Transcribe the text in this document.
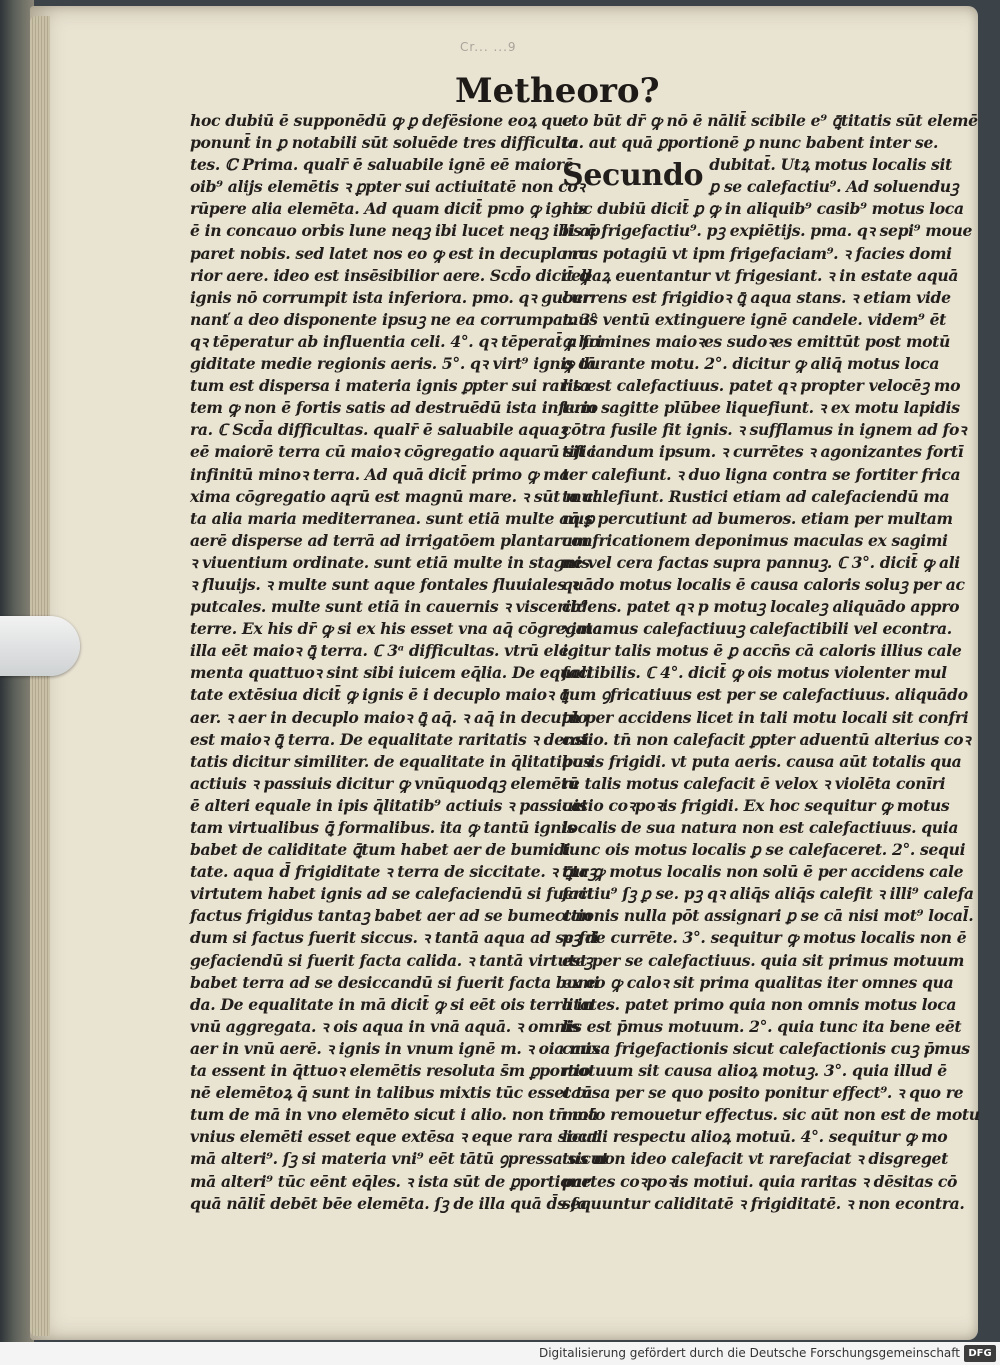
Cr... ...9
Metheoro?
hoc dubiū ē supponēdū ꝙ ꝑ defēsione eoꝝ que
ponunt̄ in ꝑ notabili sūt soluēde tres difficulta
tes. ℂ Prima. qualr̄ ē saluabile ignē eē maiorē
oib⁹ alijs elemētis ꝛ ꝑpter sui actiuitatē non coꝛ
rūpere alia elemēta. Ad quam dicit̄ pmo ꝙ ignis
ē in concauo orbis lune neqꝫ ibi lucet neqꝫ ibi ap
paret nobis. sed latet nos eo ꝙ est in decuplo ra
rior aere. ideo est insēsibilior aere. Scd̄o dicit̄ ꝙ
ignis nō corrumpit ista inferiora. pmo. qꝛ guber
nanť a deo disponente ipsuꝫ ne ea corrumpat. 3°
qꝛ tēperatur ab influentia celi. 4°. qꝛ tēperat̄ a fri
giditate medie regionis aeris. 5°. qꝛ virt⁹ ignis tā
tum est dispersa i materia ignis ꝑpter sui rarita
tem ꝙ non ē fortis satis ad destruēdū ista inferio
ra. ℂ Scd̄a difficultas. qualr̄ ē saluabile aquaꝫ
eē maiorē terra cū maioꝛ cōgregatio aquarū sit i
infinitū minoꝛ terra. Ad quā dicit̄ primo ꝙ ma
xima cōgregatio aqrū est magnū mare. ꝛ sūt mul
ta alia maria mediterranea. sunt etiā multe aq̄ ꝑ
aerē disperse ad terrā ad irrigatōem plantarum
ꝛ viuentium ordinate. sunt etiā multe in stagnis
ꝛ fluuijs. ꝛ multe sunt aque fontales fluuiales ꝛ
putcales. multe sunt etiā in cauernis ꝛ viscerib⁹
terre. Ex his dr̄ ꝙ si ex his esset vna aq̄ cōgregata
illa eēt maioꝛ ꝗ̄ terra. ℂ 3ᵃ difficultas. vtrū ele
menta quattuoꝛ sint sibi iuicem eq̄lia. De equali
tate extēsiua dicit̄ ꝙ ignis ē i decuplo maioꝛ ꝗ̄
aer. ꝛ aer in decuplo maioꝛ ꝗ̄ aq̄. ꝛ aq̄ in decuplo
est maioꝛ ꝗ̄ terra. De equalitate raritatis ꝛ densi
tatis dicitur similiter. de equalitate in q̄litatibus
actiuis ꝛ passiuis dicitur ꝙ vnūquodqꝫ elemētū
ē alteri equale in ipis q̄litatib⁹ actiuis ꝛ passiuis
tam virtualibus ꝗ̄ formalibus. ita ꝙ tantū ignis
babet de caliditate ꝗ̄tum habet aer de bumidi
tate. aqua d̄ frigiditate ꝛ terra de siccitate. ꝛ ꝗ̄taꝫ
virtutem habet ignis ad se calefaciendū si fuerit
factus frigidus tantaꝫ babet aer ad se bumectan
dum si factus fuerit siccus. ꝛ tantā aqua ad se fri
gefaciendū si fuerit facta calida. ꝛ tantā virtuteꝫ
babet terra ad se desiccandū si fuerit facta bumi
da. De equalitate in mā dicit̄ ꝙ si eēt ois terra in
vnū aggregata. ꝛ ois aqua in vnā aquā. ꝛ omnis
aer in vnū aerē. ꝛ ignis in vnum ignē m. ꝛ oia mix
ta essent in q̄ttuoꝛ elemētis resoluta s̄m ꝑportio
nē elemētoꝝ q̄ sunt in talibus mixtis tūc esset tā
tum de mā in vno elemēto sicut i alio. non tn̄ mā
vnius elemēti esset eque extēsa ꝛ eque rara sicut
mā alteri⁹. ſꝫ si materia vni⁹ eēt tātū ꝯpressa sicut
mā alteri⁹ tūc eēnt eq̄les. ꝛ ista sūt de ꝑportione
quā nālit̄ debēt bēe elemēta. ſꝫ de illa quā d̄s ſa
cto būt dr̄ ꝙ nō ē nālit̄ scibile e⁹ ꝗ̄titatis sūt elemē
ta. aut quā ꝑportionē ꝑ nunc babent inter se.
Secundo dubitat̄. Utꝝ motus localis sit
ꝑ se calefactiu⁹. Ad soluenduꝫ
hoc dubiū dicit̄ ꝑ ꝙ in aliquib⁹ casib⁹ motus loca
lis ē frigefactiu⁹. pꝫ expiētijs. pma. qꝛ sepi⁹ moue
mus potagiū vt ipm frigefaciam⁹. ꝛ facies domi
cellaꝝ euentantur vt frigesiant. ꝛ in estate aquā
currens est frigidioꝛ ꝗ̄ aqua stans. ꝛ etiam vide
mus ventū extinguere ignē candele. videm⁹ ēt
ꝙ homines maioꝛes sudoꝛes emittūt post motū
ꝙ durante motu. 2°. dicitur ꝙ aliq̄ motus loca
lis est calefactiuus. patet qꝛ propter velocēꝫ mo
tum sagitte plūbee liquefiunt. ꝛ ex motu lapidis
cōtra fusile fit ignis. ꝛ sufflamus in ignem ad foꝛ
tificandum ipsum. ꝛ currētes ꝛ agonizantes fortī
ter calefiunt. ꝛ duo ligna contra se fortiter frica
ta calefiunt. Rustici etiam ad calefaciendū ma
nus percutiunt ad bumeros. etiam per multam
confricationem deponimus maculas ex sagimi
ne vel cera factas supra pannuꝫ. ℂ 3°. dicit̄ ꝙ ali
quādo motus localis ē causa caloris soluꝫ per ac
cidens. patet qꝛ p motuꝫ localeꝫ aliquādo appro
ximamus calefactiuuꝫ calefactibili vel econtra.
igitur talis motus ē ꝑ accn̄s cā caloris illius cale
factibilis. ℂ 4°. dicit̄ ꝙ ois motus violenter mul
tum ꝯfricatiuus est per se calefactiuus. aliquādo
tn̄ per accidens licet in tali motu locali sit confri
catio. tn̄ non calefacit ꝑpter aduentū alterius coꝛ
poꝛis frigidi. vt puta aeris. causa aūt totalis qua
re talis motus calefacit ē velox ꝛ violēta conīri
catio coꝛpoꝛis frigidi. Ex hoc sequitur ꝙ motus
localis de sua natura non est calefactiuus. quia
tunc ois motus localis ꝑ se calefaceret. 2°. sequi
tur ꝙ motus localis non solū ē per accidens cale
factiu⁹ ſꝫ ꝑ se. pꝫ qꝛ aliq̄s aliq̄s calefit ꝛ illi⁹ calefa
ctionis nulla pōt assignari ꝑ se cā nisi mot⁹ local̄.
pꝫ de currēte. 3°. sequitur ꝙ motus localis non ē
est per se calefactiuus. quia sit primus motuum
ex eo ꝙ caloꝛ sit prima qualitas iter omnes qua
litates. patet primo quia non omnis motus loca
lis est p̄mus motuum. 2°. quia tunc ita bene eēt
causa frigefactionis sicut calefactionis cuꝫ p̄mus
motuum sit causa alioꝝ motuꝫ. 3°. quia illud ē
causa per se quo posito ponitur effect⁹. ꝛ quo re
moto remouetur effectus. sic aūt non est de motu
locali respectu alioꝝ motuū. 4°. sequitur ꝙ mo
tus non ideo calefacit vt rarefaciat ꝛ disgreget
partes coꝛpoꝛis motiui. quia raritas ꝛ dēsitas cō
sequuntur caliditatē ꝛ frigiditatē. ꝛ non econtra.
Digitalisierung gefördert durch die Deutsche Forschungsgemeinschaft DFG
